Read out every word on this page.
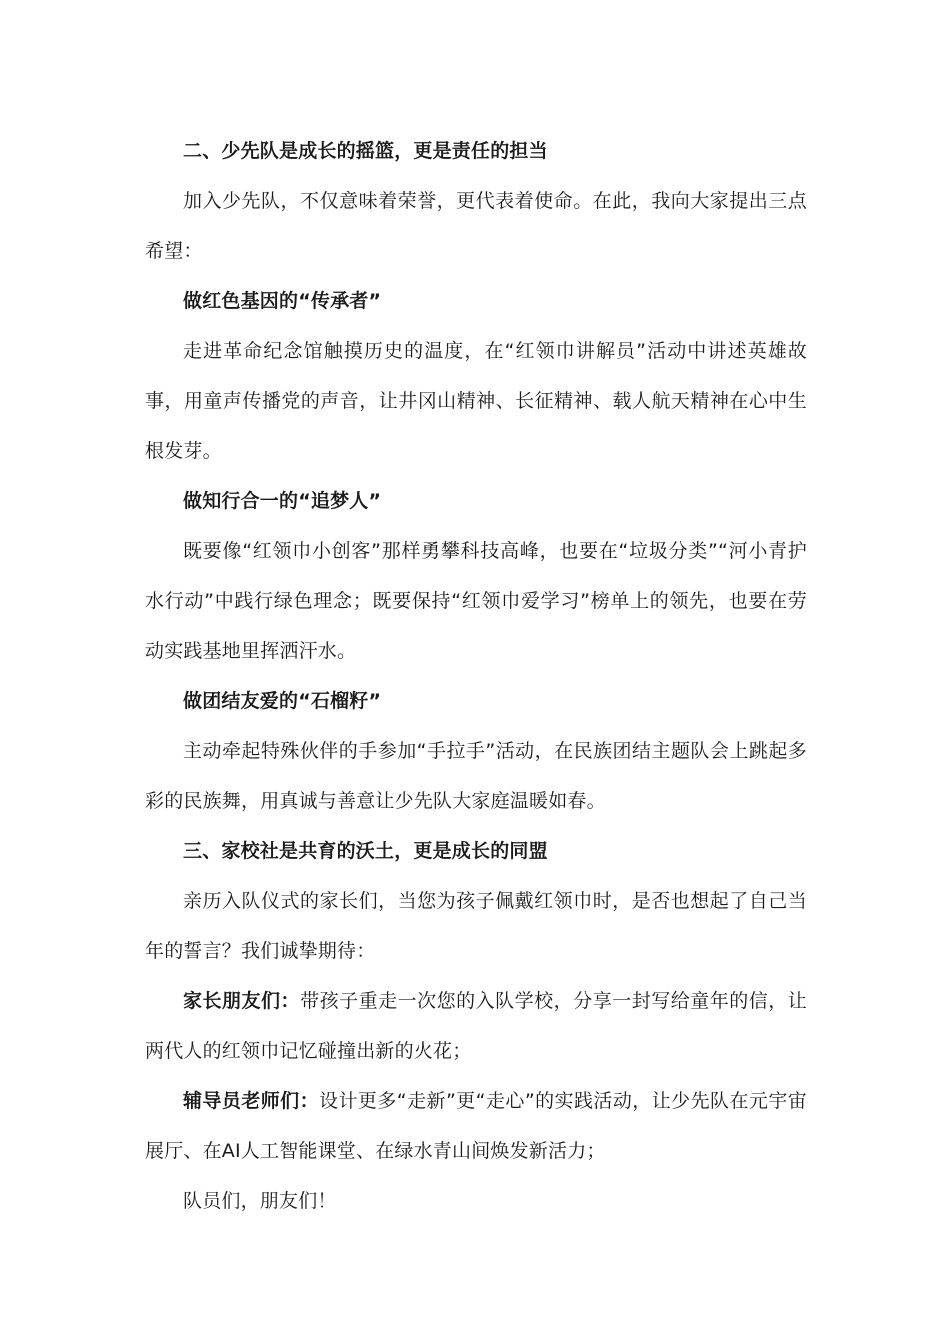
二、少先队是成长的摇篮，更是责任的担当

加入少先队，不仅意味着荣誉，更代表着使命。在此，我向大家提出三点希望：

做红色基因的“传承者”

走进革命纪念馆触摸历史的温度，在“红领巾讲解员”活动中讲述英雄故事，用童声传播党的声音，让井冈山精神、长征精神、载人航天精神在心中生根发芽。

做知行合一的“追梦人”

既要像“红领巾小创客”那样勇攀科技高峰，也要在“垃圾分类”“河小青护水行动”中践行绿色理念；既要保持“红领巾爱学习”榜单上的领先，也要在劳动实践基地里挥洒汗水。

做团结友爱的“石榴籽”

主动牵起特殊伙伴的手参加“手拉手”活动，在民族团结主题队会上跳起多彩的民族舞，用真诚与善意让少先队大家庭温暖如春。

三、家校社是共育的沃土，更是成长的同盟

亲历入队仪式的家长们，当您为孩子佩戴红领巾时，是否也想起了自己当年的誓言？我们诚挚期待：

家长朋友们：带孩子重走一次您的入队学校，分享一封写给童年的信，让两代人的红领巾记忆碰撞出新的火花；

辅导员老师们：设计更多“走新”更“走心”的实践活动，让少先队在元宇宙展厅、在AI人工智能课堂、在绿水青山间焕发新活力；

队员们，朋友们！
